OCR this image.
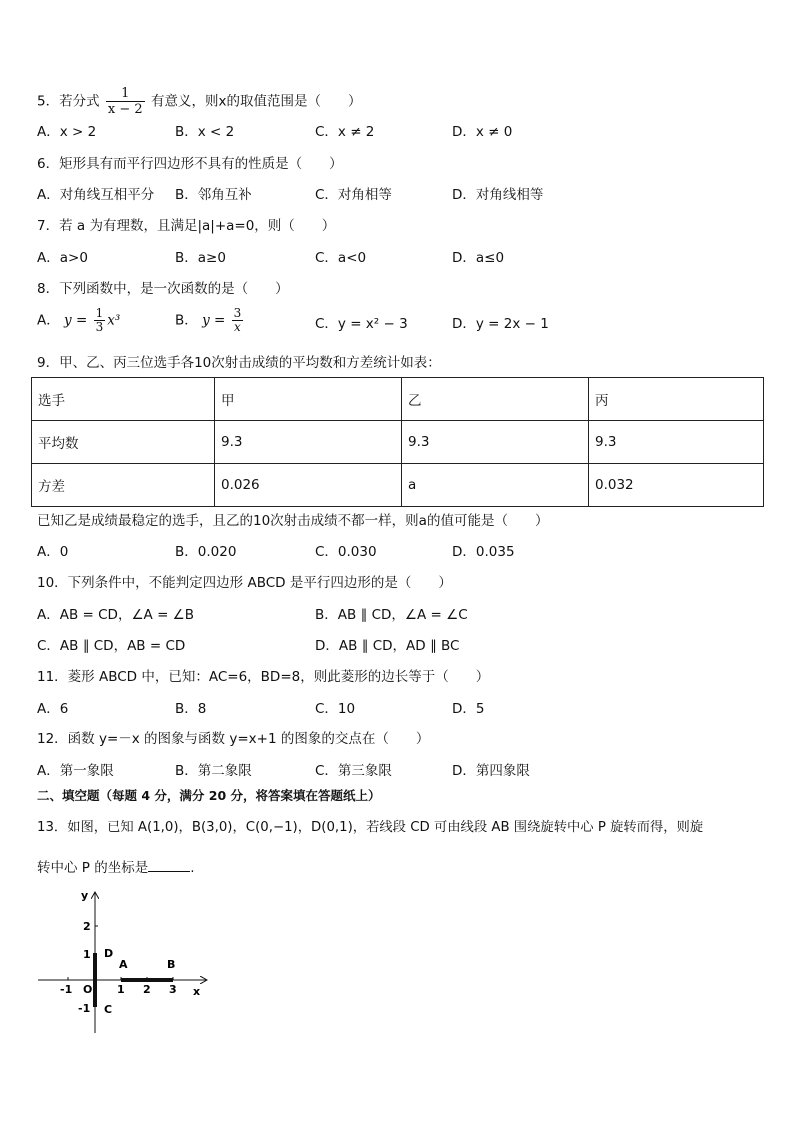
5．若分式 $\frac{1}{x - 2}$ 有意义，则x的取值范围是（　　）
A．x > 2	B．x < 2	C．x ≠ 2	D．x ≠ 0
6．矩形具有而平行四边形不具有的性质是（　　）
A．对角线互相平分 B．邻角互补	C．对角相等	D．对角线相等
7．若 a 为有理数，且满足|a|+a=0，则（　　）
A．a>0	B．a≥0	C．a<0	D．a≤0
8．下列函数中，是一次函数的是（　　）
A． $y = \frac{1}{3} x^3$	B． $y = \frac{3}{x}$	C．y = x² − 3	D．y = 2x − 1
9．甲、乙、丙三位选手各10次射击成绩的平均数和方差统计如表：
选手	甲	乙	丙
平均数	9.3	9.3	9.3
方差	0.026	a	0.032
已知乙是成绩最稳定的选手，且乙的10次射击成绩不都一样，则a的值可能是（　　）
A．0	B．0.020	C．0.030	D．0.035
10．下列条件中，不能判定四边形 ABCD 是平行四边形的是（　　）
A．AB = CD，∠A = ∠B	B．AB ∥ CD，∠A = ∠C
C．AB ∥ CD，AB = CD	D．AB ∥ CD，AD ∥ BC
11．菱形 ABCD 中，已知：AC=6，BD=8，则此菱形的边长等于（　　）
A．6	B．8	C．10	D．5
12．函数 y=－x 的图象与函数 y=x+1 的图象的交点在（　　）
A．第一象限	B．第二象限	C．第三象限	D．第四象限
二、填空题（每题 4 分，满分 20 分，将答案填在答题纸上）
13．如图，已知 A(1,0)，B(3,0)，C(0,−1)，D(0,1)，若线段 CD 可由线段 AB 围绕旋转中心 P 旋转而得，则旋
转中心 P 的坐标是	.
y
x
2
1
-1
-1 O 1 2 3
A	B
C
D
